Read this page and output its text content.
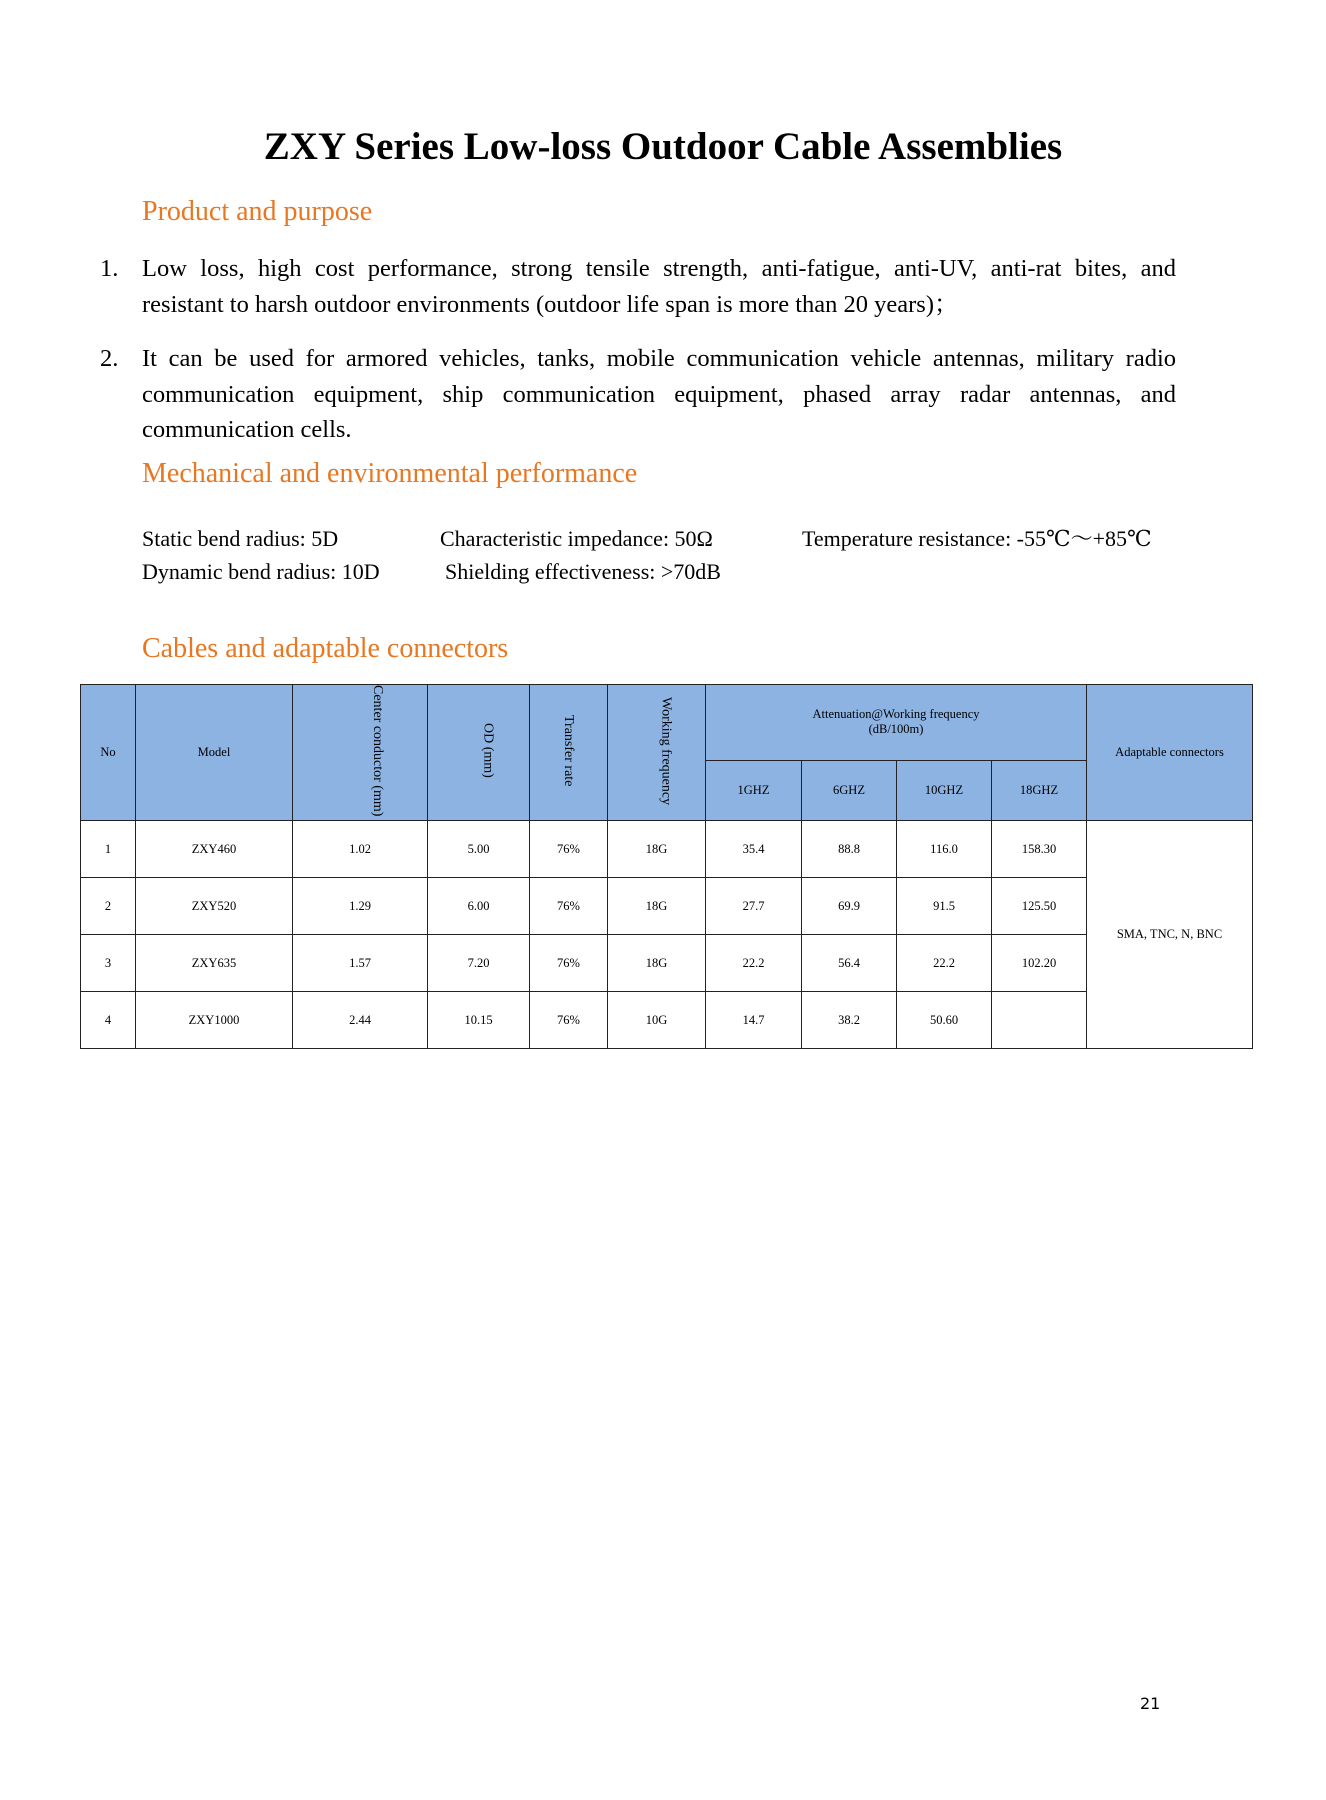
ZXY Series Low-loss Outdoor Cable Assemblies
Product and purpose
1. Low loss, high cost performance, strong tensile strength, anti-fatigue, anti-UV, anti-rat bites, and resistant to harsh outdoor environments (outdoor life span is more than 20 years)；
2. It can be used for armored vehicles, tanks, mobile communication vehicle antennas, military radio communication equipment, ship communication equipment, phased array radar antennas, and communication cells.
Mechanical and environmental performance
Static bend radius: 5D	Characteristic impedance: 50Ω	Temperature resistance: -55℃～+85℃
Dynamic bend radius: 10D	Shielding effectiveness: >70dB
Cables and adaptable connectors
No	Model	Center conductor (mm)	OD (mm)	Transfer rate	Working frequency	Attenuation@Working frequency
(dB/100m)				Adaptable connectors
						1GHZ	6GHZ	10GHZ	18GHZ	
1	ZXY460	1.02	5.00	76%	18G	35.4	88.8	116.0	158.30	SMA, TNC, N, BNC
2	ZXY520	1.29	6.00	76%	18G	27.7	69.9	91.5	125.50	
3	ZXY635	1.57	7.20	76%	18G	22.2	56.4	22.2	102.20	
4	ZXY1000	2.44	10.15	76%	10G	14.7	38.2	50.60		
21
